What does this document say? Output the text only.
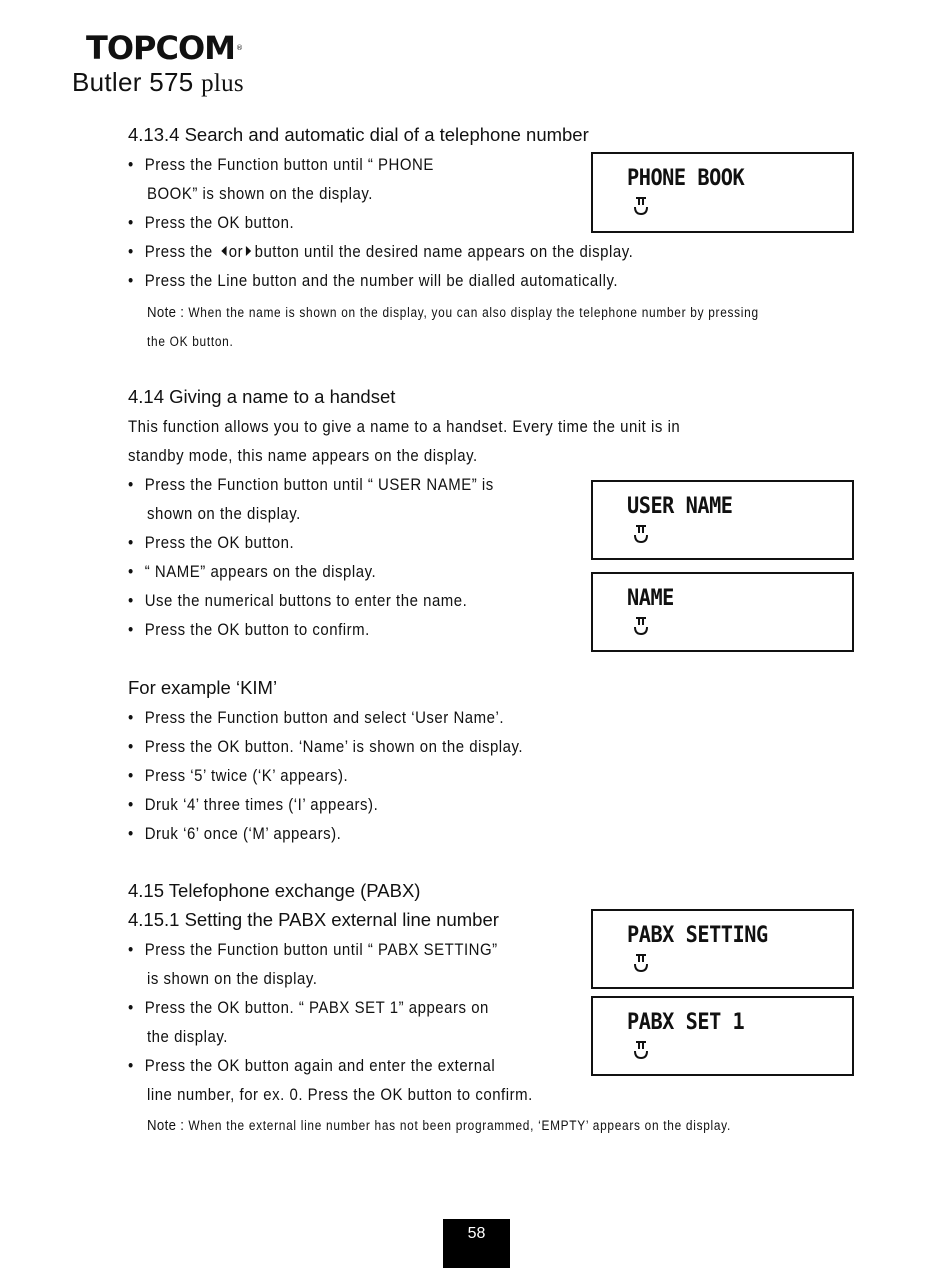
TOPCOM®
Butler 575 plus
4.13.4 Search and automatic dial of a telephone number
• Press the Function button until “ PHONE
BOOK” is shown on the display.
• Press the OK button.
• Press the or button until the desired name appears on the display.
• Press the Line button and the number will be dialled automatically.
Note : When the name is shown on the display, you can also display the telephone number by pressing
the OK button.
PHONE BOOK
4.14 Giving a name to a handset
This function allows you to give a name to a handset. Every time the unit is in
standby mode, this name appears on the display.
• Press the Function button until “ USER NAME” is
shown on the display.
• Press the OK button.
• “ NAME” appears on the display.
• Use the numerical buttons to enter the name.
• Press the OK button to confirm.
USER NAME
NAME
For example ‘KIM’
• Press the Function button and select ‘User Name’.
• Press the OK button. ‘Name’ is shown on the display.
• Press ‘5’ twice (‘K’ appears).
• Druk ‘4’ three times (‘I’ appears).
• Druk ‘6’ once (‘M’ appears).
4.15 Telefophone exchange (PABX)
4.15.1 Setting the PABX external line number
• Press the Function button until “ PABX SETTING”
is shown on the display.
• Press the OK button. “ PABX SET 1” appears on
the display.
• Press the OK button again and enter the external
line number, for ex. 0. Press the OK button to confirm.
Note : When the external line number has not been programmed, ‘EMPTY’ appears on the display.
PABX SETTING
PABX SET 1
58
